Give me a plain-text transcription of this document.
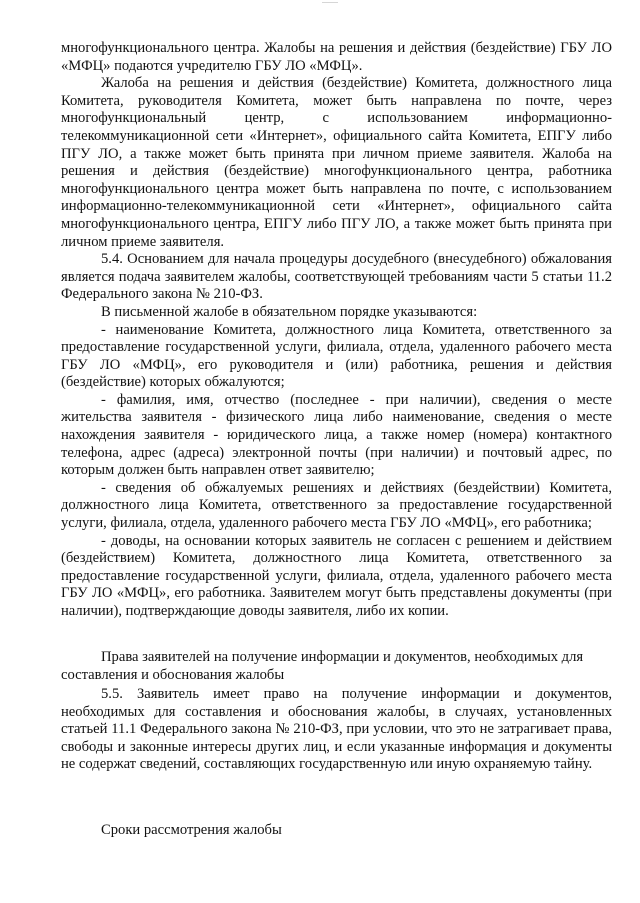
многофункционального центра. Жалобы на решения и действия (бездействие) ГБУ ЛО «МФЦ» подаются учредителю ГБУ ЛО «МФЦ».

Жалоба на решения и действия (бездействие) Комитета, должностного лица Комитета, руководителя Комитета, может быть направлена по почте, через многофункциональный центр, с использованием информационно-телекоммуникационной сети «Интернет», официального сайта Комитета, ЕПГУ либо ПГУ ЛО, а также может быть принята при личном приеме заявителя. Жалоба на решения и действия (бездействие) многофункционального центра, работника многофункционального центра может быть направлена по почте, с использованием информационно-телекоммуникационной сети «Интернет», официального сайта многофункционального центра, ЕПГУ либо ПГУ ЛО, а также может быть принята при личном приеме заявителя.

5.4. Основанием для начала процедуры досудебного (внесудебного) обжалования является подача заявителем жалобы, соответствующей требованиям части 5 статьи 11.2 Федерального закона № 210-ФЗ.

В письменной жалобе в обязательном порядке указываются:

- наименование Комитета, должностного лица Комитета, ответственного за предоставление государственной услуги, филиала, отдела, удаленного рабочего места ГБУ ЛО «МФЦ», его руководителя и (или) работника, решения и действия (бездействие) которых обжалуются;

- фамилия, имя, отчество (последнее - при наличии), сведения о месте жительства заявителя - физического лица либо наименование, сведения о месте нахождения заявителя - юридического лица, а также номер (номера) контактного телефона, адрес (адреса) электронной почты (при наличии) и почтовый адрес, по которым должен быть направлен ответ заявителю;

- сведения об обжалуемых решениях и действиях (бездействии) Комитета, должностного лица Комитета, ответственного за предоставление государственной услуги, филиала, отдела, удаленного рабочего места ГБУ ЛО «МФЦ», его работника;

- доводы, на основании которых заявитель не согласен с решением и действием (бездействием) Комитета, должностного лица Комитета, ответственного за предоставление государственной услуги, филиала, отдела, удаленного рабочего места ГБУ ЛО «МФЦ», его работника. Заявителем могут быть представлены документы (при наличии), подтверждающие доводы заявителя, либо их копии.

Права заявителей на получение информации и документов, необходимых для составления и обоснования жалобы

5.5. Заявитель имеет право на получение информации и документов, необходимых для составления и обоснования жалобы, в случаях, установленных статьей 11.1 Федерального закона № 210-ФЗ, при условии, что это не затрагивает права, свободы и законные интересы других лиц, и если указанные информация и документы не содержат сведений, составляющих государственную или иную охраняемую тайну.

Сроки рассмотрения жалобы
